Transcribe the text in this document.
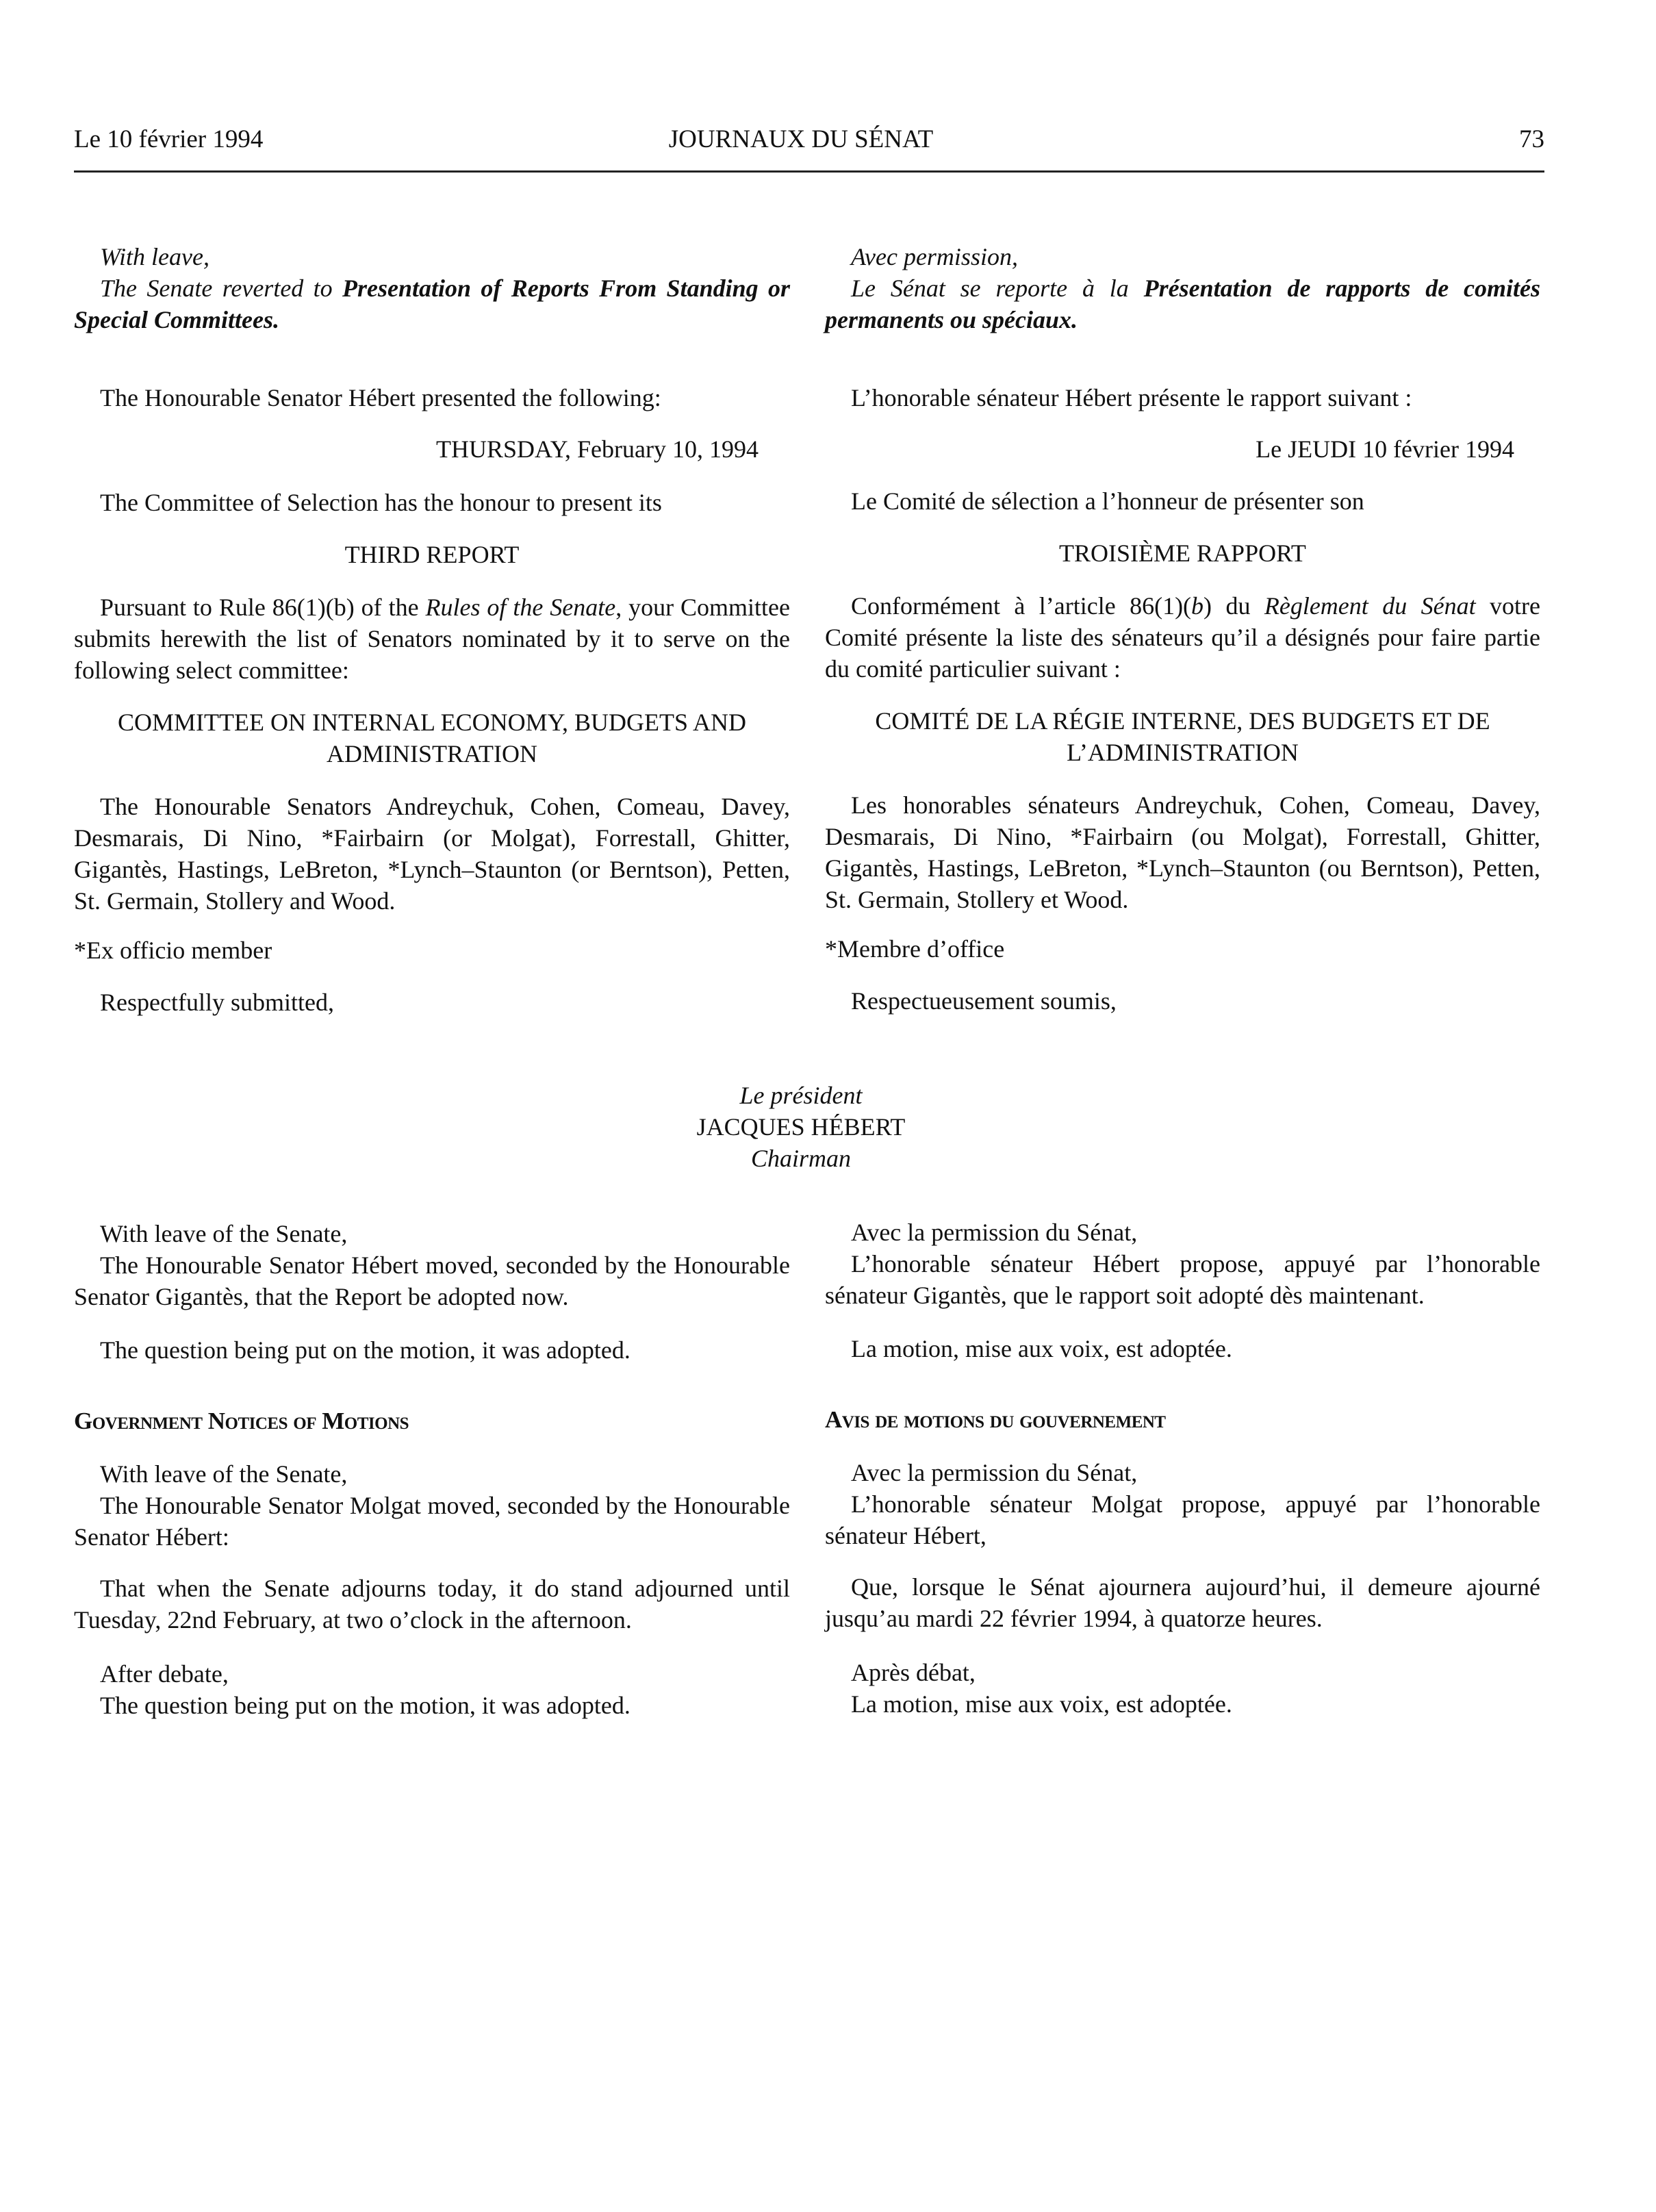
Le 10 février 1994	JOURNAUX DU SÉNAT	73
With leave,
The Senate reverted to Presentation of Reports From Standing or Special Committees.

The Honourable Senator Hébert presented the following:

THURSDAY, February 10, 1994

The Committee of Selection has the honour to present its

THIRD REPORT

Pursuant to Rule 86(1)(b) of the Rules of the Senate, your Committee submits herewith the list of Senators nominated by it to serve on the following select committee:

COMMITTEE ON INTERNAL ECONOMY, BUDGETS AND ADMINISTRATION

The Honourable Senators Andreychuk, Cohen, Comeau, Davey, Desmarais, Di Nino, *Fairbairn (or Molgat), Forrestall, Ghitter, Gigantès, Hastings, LeBreton, *Lynch–Staunton (or Berntson), Petten, St. Germain, Stollery and Wood.

*Ex officio member

Respectfully submitted,

Avec permission,
Le Sénat se reporte à la Présentation de rapports de comités permanents ou spéciaux.

L’honorable sénateur Hébert présente le rapport suivant :

Le JEUDI 10 février 1994

Le Comité de sélection a l’honneur de présenter son

TROISIÈME RAPPORT

Conformément à l’article 86(1)(b) du Règlement du Sénat votre Comité présente la liste des sénateurs qu’il a désignés pour faire partie du comité particulier suivant :

COMITÉ DE LA RÉGIE INTERNE, DES BUDGETS ET DE L’ADMINISTRATION

Les honorables sénateurs Andreychuk, Cohen, Comeau, Davey, Desmarais, Di Nino, *Fairbairn (ou Molgat), Forrestall, Ghitter, Gigantès, Hastings, LeBreton, *Lynch–Staunton (ou Berntson), Petten, St. Germain, Stollery et Wood.

*Membre d’office

Respectueusement soumis,

Le président
JACQUES HÉBERT
Chairman
With leave of the Senate,
The Honourable Senator Hébert moved, seconded by the Honourable Senator Gigantès, that the Report be adopted now.

The question being put on the motion, it was adopted.

Government Notices of Motions

With leave of the Senate,
The Honourable Senator Molgat moved, seconded by the Honourable Senator Hébert:

That when the Senate adjourns today, it do stand adjourned until Tuesday, 22nd February, at two o’clock in the afternoon.

After debate,
The question being put on the motion, it was adopted.
Avec la permission du Sénat,
L’honorable sénateur Hébert propose, appuyé par l’honorable sénateur Gigantès, que le rapport soit adopté dès maintenant.

La motion, mise aux voix, est adoptée.

Avis de motions du gouvernement

Avec la permission du Sénat,
L’honorable sénateur Molgat propose, appuyé par l’honorable sénateur Hébert,

Que, lorsque le Sénat ajournera aujourd’hui, il demeure ajourné jusqu’au mardi 22 février 1994, à quatorze heures.

Après débat,
La motion, mise aux voix, est adoptée.
